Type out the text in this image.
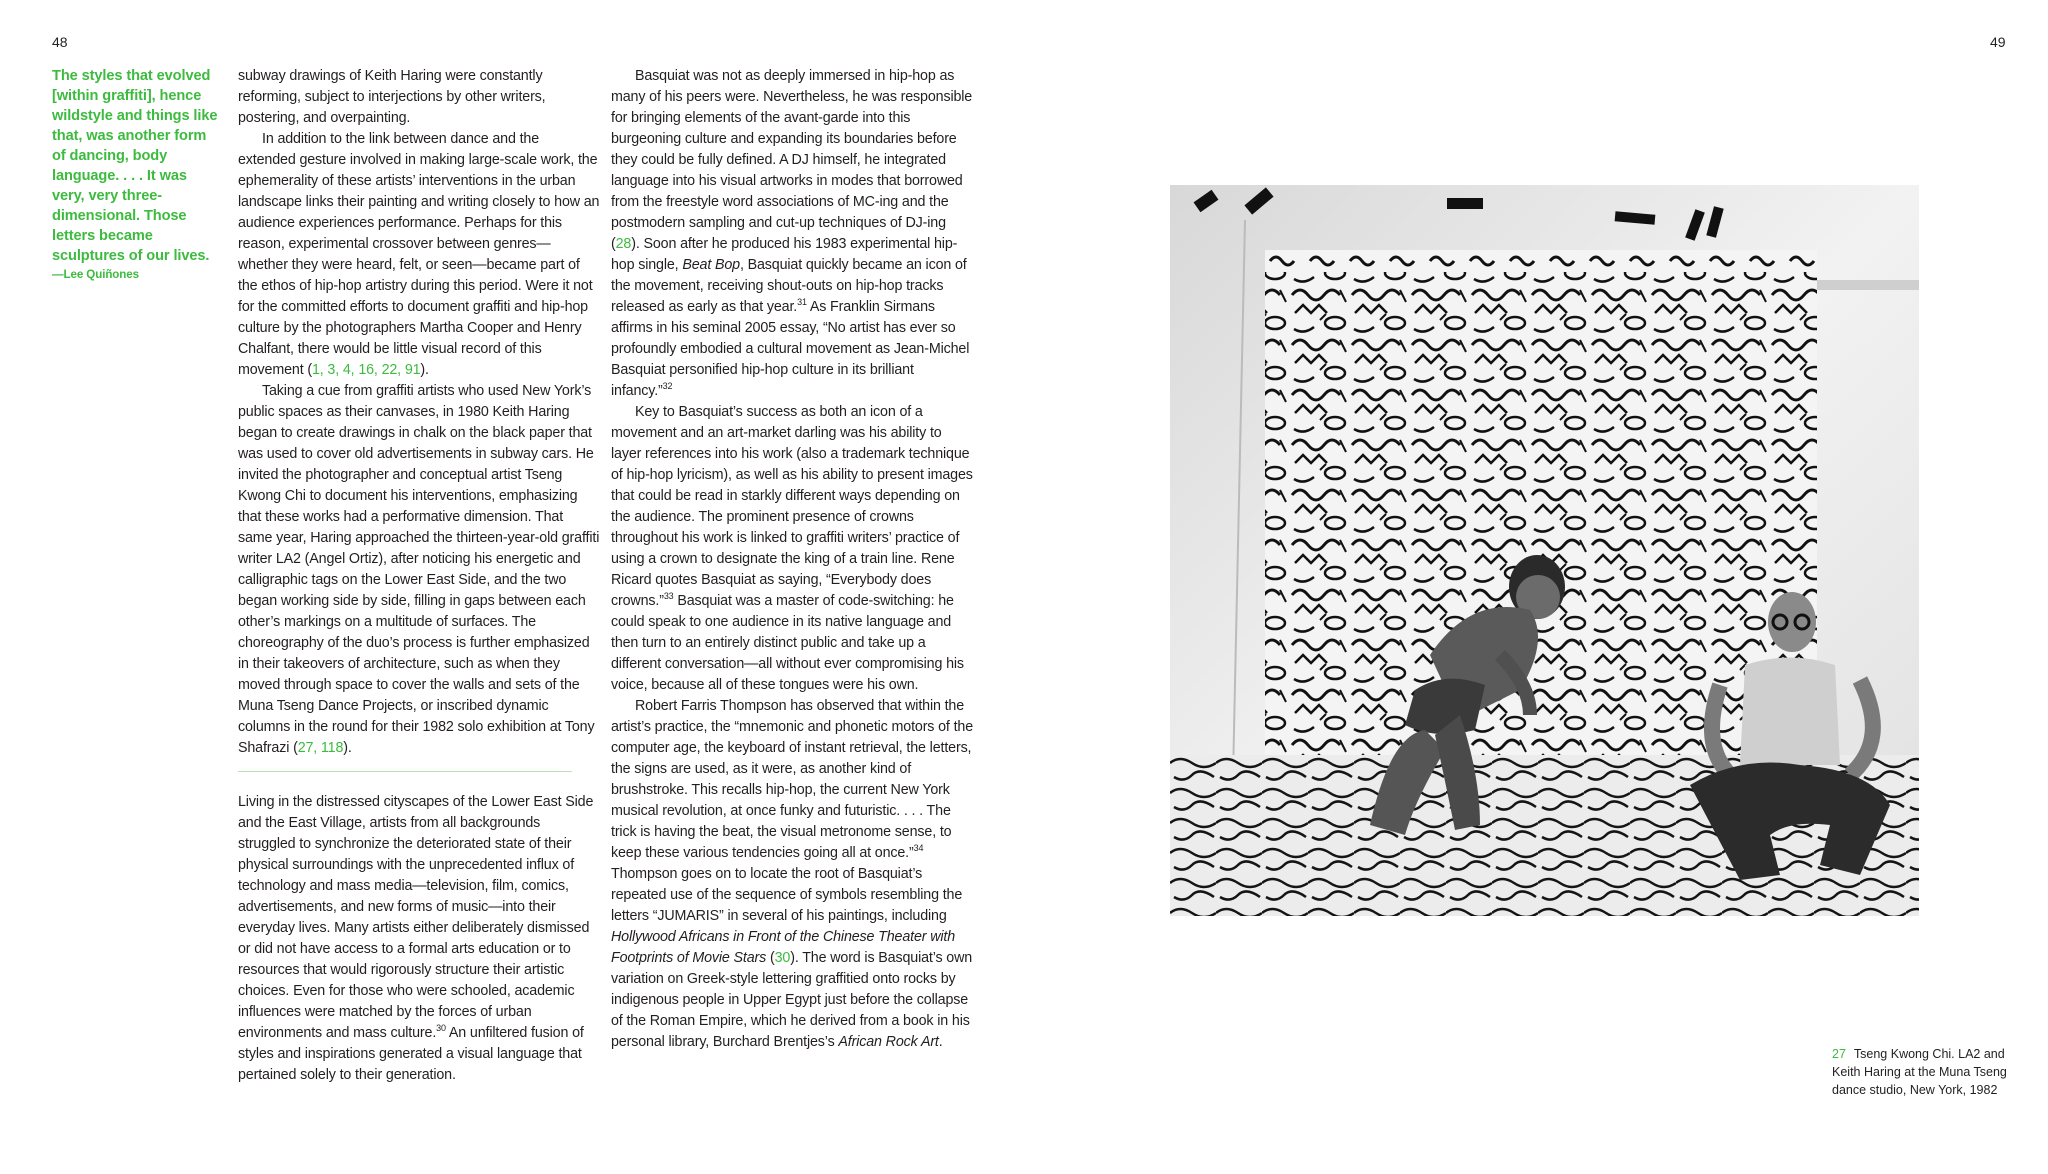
48	49
The styles that evolved [within graffiti], hence wildstyle and things like that, was another form of dancing, body language. . . . It was very, very three-dimensional. Those letters became sculptures of our lives.
—Lee Quiñones

subway drawings of Keith Haring were constantly reforming, subject to interjections by other writers, postering, and overpainting.

In addition to the link between dance and the extended gesture involved in making large-scale work, the ephemerality of these artists’ interventions in the urban landscape links their painting and writing closely to how an audience experiences performance. Perhaps for this reason, experimental crossover between genres—whether they were heard, felt, or seen—became part of the ethos of hip-hop artistry during this period. Were it not for the committed efforts to document graffiti and hip-hop culture by the photographers Martha Cooper and Henry Chalfant, there would be little visual record of this movement (1, 3, 4, 16, 22, 91).

Taking a cue from graffiti artists who used New York’s public spaces as their canvases, in 1980 Keith Haring began to create drawings in chalk on the black paper that was used to cover old advertisements in subway cars. He invited the photographer and conceptual artist Tseng Kwong Chi to document his interventions, emphasizing that these works had a performative dimension. That same year, Haring approached the thirteen-year-old graffiti writer LA2 (Angel Ortiz), after noticing his energetic and calligraphic tags on the Lower East Side, and the two began working side by side, filling in gaps between each other’s markings on a multitude of surfaces. The choreography of the duo’s process is further emphasized in their takeovers of architecture, such as when they moved through space to cover the walls and sets of the Muna Tseng Dance Projects, or inscribed dynamic columns in the round for their 1982 solo exhibition at Tony Shafrazi (27, 118).

Living in the distressed cityscapes of the Lower East Side and the East Village, artists from all backgrounds struggled to synchronize the deteriorated state of their physical surroundings with the unprecedented influx of technology and mass media—television, film, comics, advertisements, and new forms of music—into their everyday lives. Many artists either deliberately dismissed or did not have access to a formal arts education or to resources that would rigorously structure their artistic choices. Even for those who were schooled, academic influences were matched by the forces of urban environments and mass culture.$^{30}$ An unfiltered fusion of styles and inspirations generated a visual language that pertained solely to their generation.

Basquiat was not as deeply immersed in hip-hop as many of his peers were. Nevertheless, he was responsible for bringing elements of the avant-garde into this burgeoning culture and expanding its boundaries before they could be fully defined. A DJ himself, he integrated language into his visual artworks in modes that borrowed from the freestyle word associations of MC-ing and the postmodern sampling and cut-up techniques of DJ-ing (28). Soon after he produced his 1983 experimental hip-hop single, Beat Bop, Basquiat quickly became an icon of the movement, receiving shout-outs on hip-hop tracks released as early as that year.$^{31}$ As Franklin Sirmans affirms in his seminal 2005 essay, “No artist has ever so profoundly embodied a cultural movement as Jean-Michel Basquiat personified hip-hop culture in its brilliant infancy.”$^{32}$

Key to Basquiat’s success as both an icon of a movement and an art-market darling was his ability to layer references into his work (also a trademark technique of hip-hop lyricism), as well as his ability to present images that could be read in starkly different ways depending on the audience. The prominent presence of crowns throughout his work is linked to graffiti writers’ practice of using a crown to designate the king of a train line. Rene Ricard quotes Basquiat as saying, “Everybody does crowns.”$^{33}$ Basquiat was a master of code-switching: he could speak to one audience in its native language and then turn to an entirely distinct public and take up a different conversation—all without ever compromising his voice, because all of these tongues were his own.

Robert Farris Thompson has observed that within the artist’s practice, the “mnemonic and phonetic motors of the computer age, the keyboard of instant retrieval, the letters, the signs are used, as it were, as another kind of brushstroke. This recalls hip-hop, the current New York musical revolution, at once funky and futuristic. . . . The trick is having the beat, the visual metronome sense, to keep these various tendencies going all at once.”$^{34}$ Thompson goes on to locate the root of Basquiat’s repeated use of the sequence of symbols resembling the letters “JUMARIS” in several of his paintings, including Hollywood Africans in Front of the Chinese Theater with Footprints of Movie Stars (30). The word is Basquiat’s own variation on Greek-style lettering graffitied onto rocks by indigenous people in Upper Egypt just before the collapse of the Roman Empire, which he derived from a book in his personal library, Burchard Brentjes’s African Rock Art.

27 Tseng Kwong Chi. LA2 and Keith Haring at the Muna Tseng dance studio, New York, 1982
